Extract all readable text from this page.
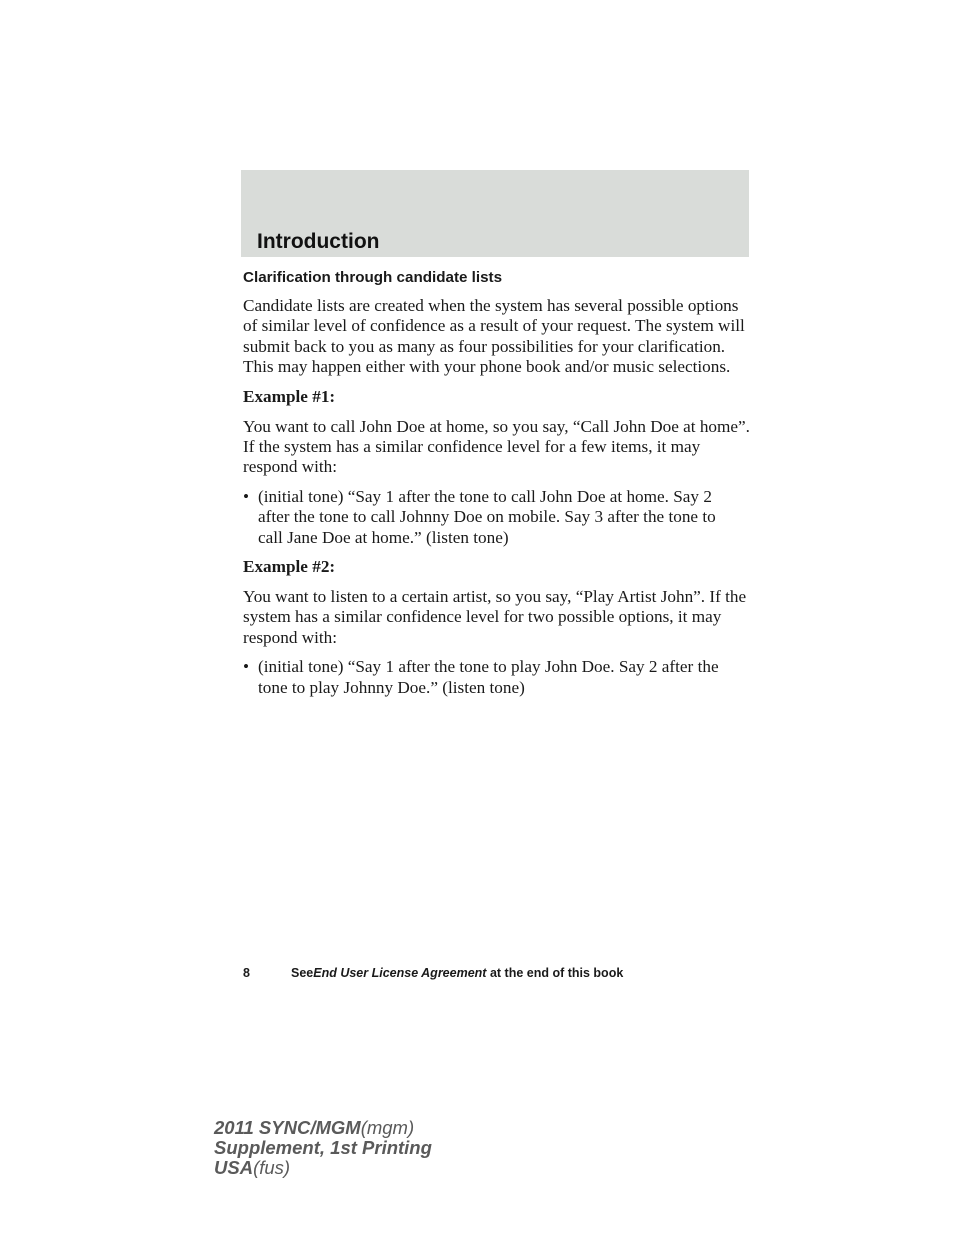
Introduction
Clarification through candidate lists
Candidate lists are created when the system has several possible options
of similar level of confidence as a result of your request. The system will
submit back to you as many as four possibilities for your clarification.
This may happen either with your phone book and/or music selections.
Example #1:
You want to call John Doe at home, so you say, “Call John Doe at home”.
If the system has a similar confidence level for a few items, it may
respond with:
• (initial tone) “Say 1 after the tone to call John Doe at home. Say 2
after the tone to call Johnny Doe on mobile. Say 3 after the tone to
call Jane Doe at home.” (listen tone)
Example #2:
You want to listen to a certain artist, so you say, “Play Artist John”. If the
system has a similar confidence level for two possible options, it may
respond with:
• (initial tone) “Say 1 after the tone to play John Doe. Say 2 after the
tone to play Johnny Doe.” (listen tone)
8	SeeEnd User License Agreement at the end of this book
2011 SYNC/MGM(mgm)
Supplement, 1st Printing
USA(fus)
